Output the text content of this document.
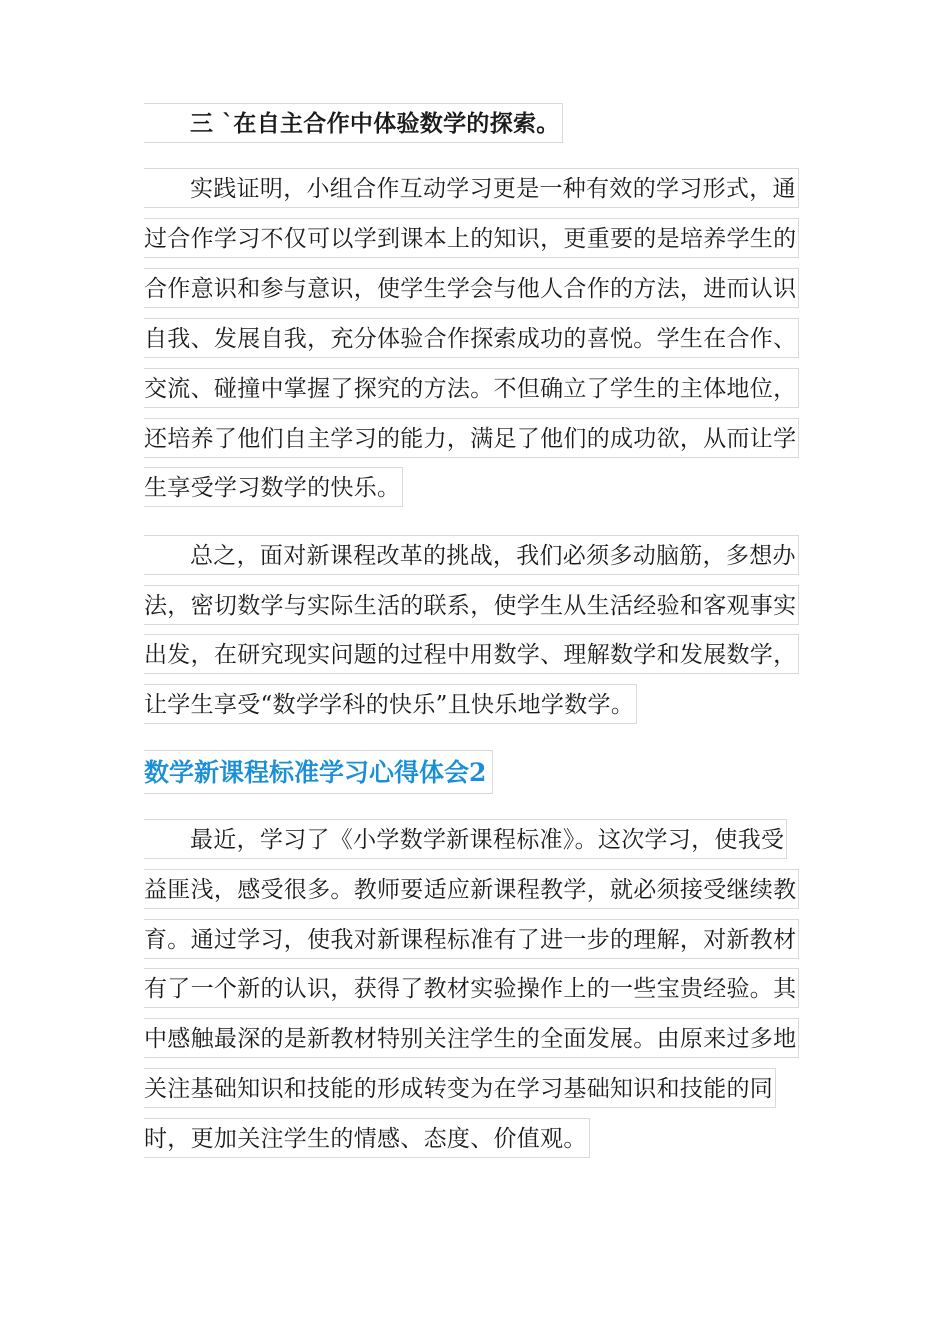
三 `在自主合作中体验数学的探索。
实践证明，小组合作互动学习更是一种有效的学习形式，通
过合作学习不仅可以学到课本上的知识，更重要的是培养学生的
合作意识和参与意识，使学生学会与他人合作的方法，进而认识
自我、发展自我，充分体验合作探索成功的喜悦。学生在合作、
交流、碰撞中掌握了探究的方法。不但确立了学生的主体地位，
还培养了他们自主学习的能力，满足了他们的成功欲，从而让学
生享受学习数学的快乐。
总之，面对新课程改革的挑战，我们必须多动脑筋，多想办
法，密切数学与实际生活的联系，使学生从生活经验和客观事实
出发，在研究现实问题的过程中用数学、理解数学和发展数学，
让学生享受“数学学科的快乐”且快乐地学数学。
数学新课程标准学习心得体会2
最近，学习了《小学数学新课程标准》。这次学习，使我受
益匪浅，感受很多。教师要适应新课程教学，就必须接受继续教
育。通过学习，使我对新课程标准有了进一步的理解，对新教材
有了一个新的认识，获得了教材实验操作上的一些宝贵经验。其
中感触最深的是新教材特别关注学生的全面发展。由原来过多地
关注基础知识和技能的形成转变为在学习基础知识和技能的同
时，更加关注学生的情感、态度、价值观。
